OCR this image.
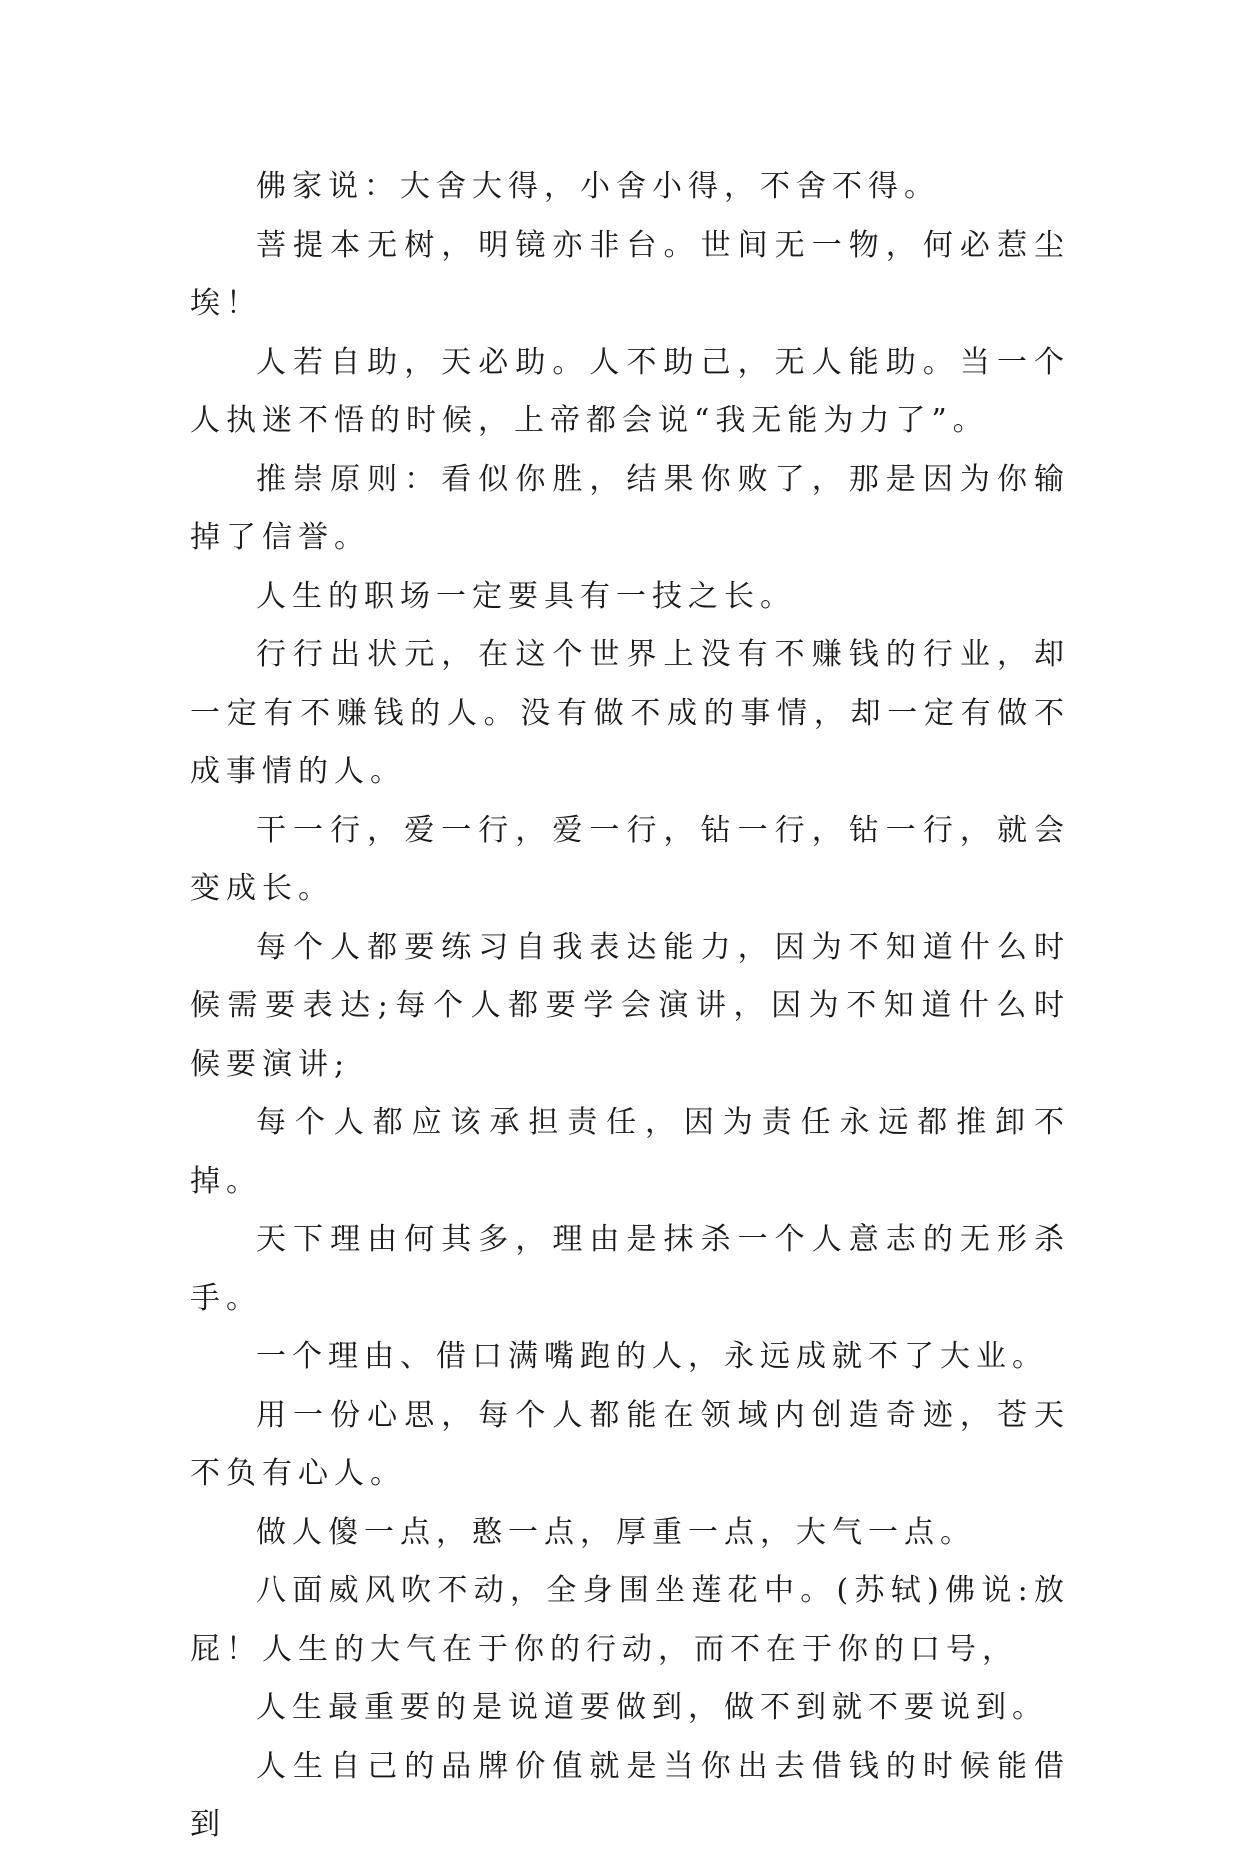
佛家说：大舍大得，小舍小得，不舍不得。

菩提本无树，明镜亦非台。世间无一物，何必惹尘埃！

人若自助，天必助。人不助己，无人能助。当一个人执迷不悟的时候，上帝都会说“我无能为力了”。

推崇原则：看似你胜，结果你败了，那是因为你输掉了信誉。

人生的职场一定要具有一技之长。

行行出状元，在这个世界上没有不赚钱的行业，却一定有不赚钱的人。没有做不成的事情，却一定有做不成事情的人。

干一行，爱一行，爱一行，钻一行，钻一行，就会变成长。

每个人都要练习自我表达能力，因为不知道什么时候需要表达;每个人都要学会演讲，因为不知道什么时候要演讲;

每个人都应该承担责任，因为责任永远都推卸不掉。

天下理由何其多，理由是抹杀一个人意志的无形杀手。

一个理由、借口满嘴跑的人，永远成就不了大业。

用一份心思，每个人都能在领域内创造奇迹，苍天不负有心人。

做人傻一点，憨一点，厚重一点，大气一点。

八面威风吹不动，全身围坐莲花中。(苏轼)佛说:放屁！人生的大气在于你的行动，而不在于你的口号，

人生最重要的是说道要做到，做不到就不要说到。

人生自己的品牌价值就是当你出去借钱的时候能借到
